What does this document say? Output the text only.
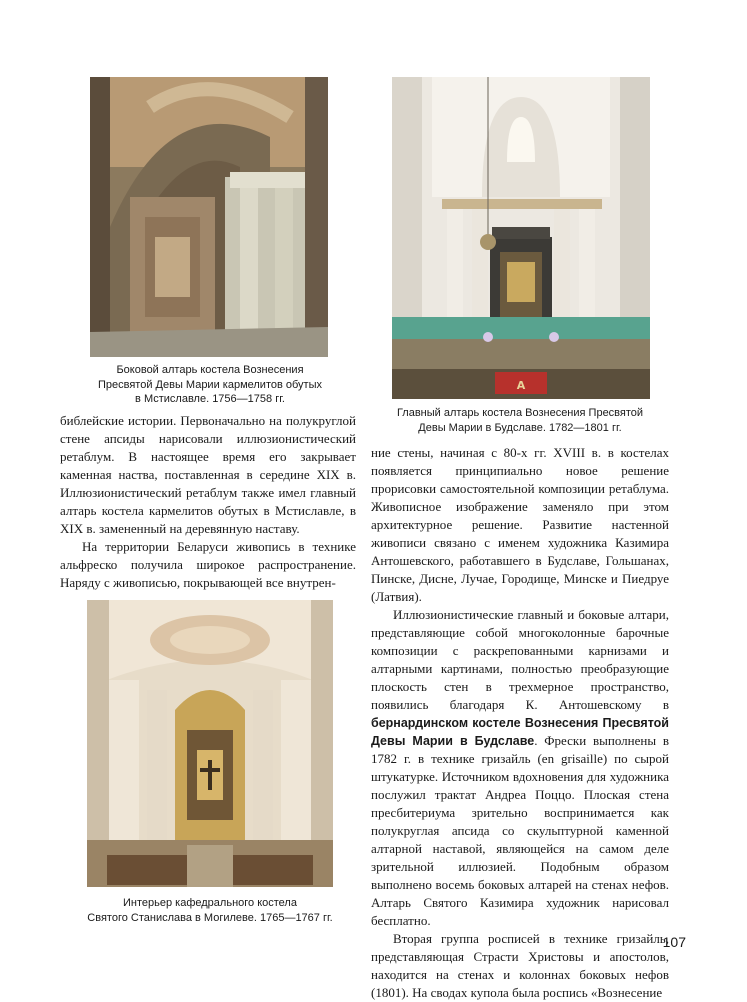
Боковой алтарь костела Вознесения
Пресвятой Девы Марии кармелитов обутых
в Мстиславле. 1756—1758 гг.
A
Главный алтарь костела Вознесения Пресвятой
Девы Марии в Будславе. 1782—1801 гг.

библейские истории. Первоначально на полукруглой стене апсиды нарисовали иллюзионистический ретаблум. В настоящее время его закрывает каменная наства, поставленная в середине XIX в. Иллюзионистический ретаблум также имел главный алтарь костела кармелитов обутых в Мстиславле, в XIX в. замененный на деревянную наставу.

На территории Беларуси живопись в технике альфреско получила широкое распространение. Наряду с живописью, покрывающей все внутрен-

Интерьер кафедрального костела
Святого Станислава в Могилеве. 1765—1767 гг.

ние стены, начиная с 80-х гг. XVIII в. в костелах появляется принципиально новое решение прорисовки самостоятельной композиции ретаблума. Живописное изображение заменяло при этом архитектурное решение. Развитие настенной живописи связано с именем художника Казимира Антошевского, работавшего в Будславе, Гольшанах, Пинске, Дисне, Лучае, Городище, Минске и Пиедруе (Латвия).

Иллюзионистические главный и боковые алтари, представляющие собой многоколонные барочные композиции с раскрепованными карнизами и алтарными картинами, полностью преобразующие плоскость стен в трехмерное пространство, появились благодаря К. Антошевскому в бернардинском костеле Вознесения Пресвятой Девы Марии в Будславе. Фрески выполнены в 1782 г. в технике гризайль (en grisaille) по сырой штукатурке. Источником вдохновения для художника послужил трактат Андреа Поццо. Плоская стена пресбитериума зрительно воспринимается как полукруглая апсида со скульптурной каменной алтарной наставой, являющейся на самом деле зрительной иллюзией. Подобным образом выполнено восемь боковых алтарей на стенах нефов. Алтарь Святого Казимира художник нарисовал бесплатно.

Вторая группа росписей в технике гризайль, представляющая Страсти Христовы и апостолов, находится на стенах и колоннах боковых нефов (1801). На сводах купола была роспись «Вознесение

107
